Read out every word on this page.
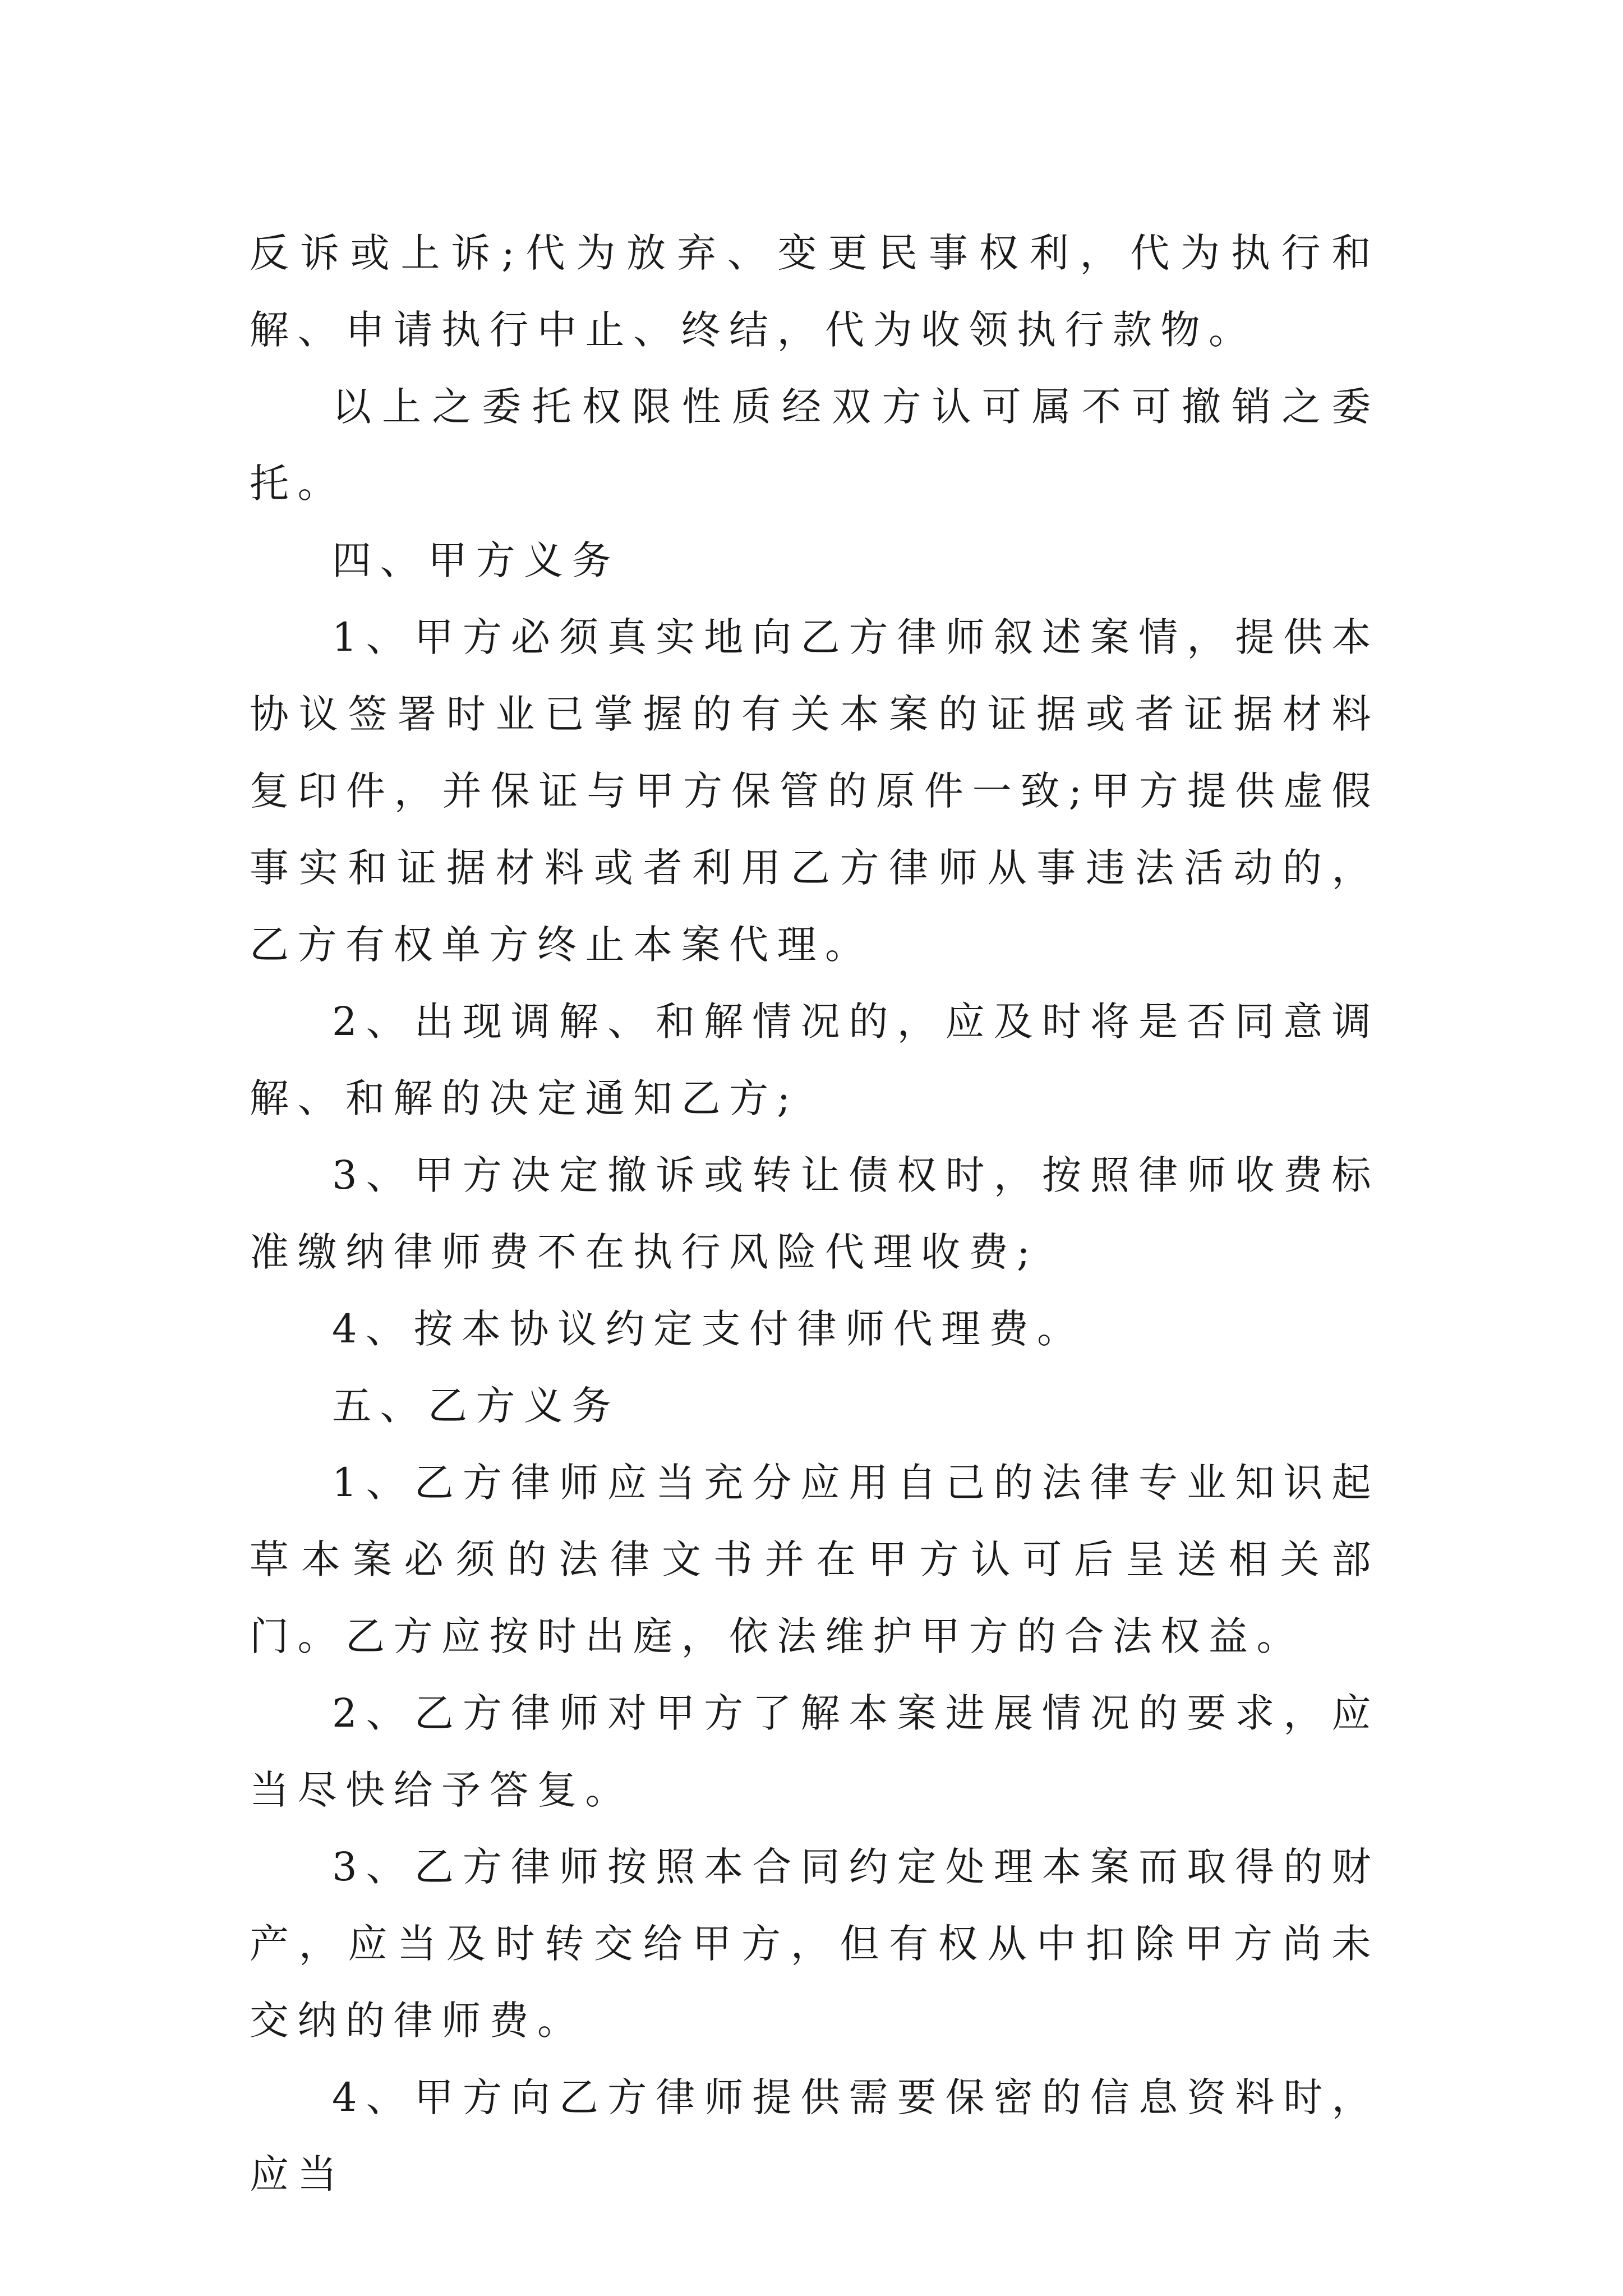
反诉或上诉;代为放弃、变更民事权利，代为执行和解、申请执行中止、终结，代为收领执行款物。

以上之委托权限性质经双方认可属不可撤销之委托。

四、甲方义务

1、甲方必须真实地向乙方律师叙述案情，提供本协议签署时业已掌握的有关本案的证据或者证据材料复印件，并保证与甲方保管的原件一致;甲方提供虚假事实和证据材料或者利用乙方律师从事违法活动的，乙方有权单方终止本案代理。

2、出现调解、和解情况的，应及时将是否同意调解、和解的决定通知乙方;

3、甲方决定撤诉或转让债权时，按照律师收费标准缴纳律师费不在执行风险代理收费;

4、按本协议约定支付律师代理费。

五、乙方义务

1、乙方律师应当充分应用自己的法律专业知识起草本案必须的法律文书并在甲方认可后呈送相关部门。乙方应按时出庭，依法维护甲方的合法权益。

2、乙方律师对甲方了解本案进展情况的要求，应当尽快给予答复。

3、乙方律师按照本合同约定处理本案而取得的财产，应当及时转交给甲方，但有权从中扣除甲方尚未交纳的律师费。

4、甲方向乙方律师提供需要保密的信息资料时，应当
